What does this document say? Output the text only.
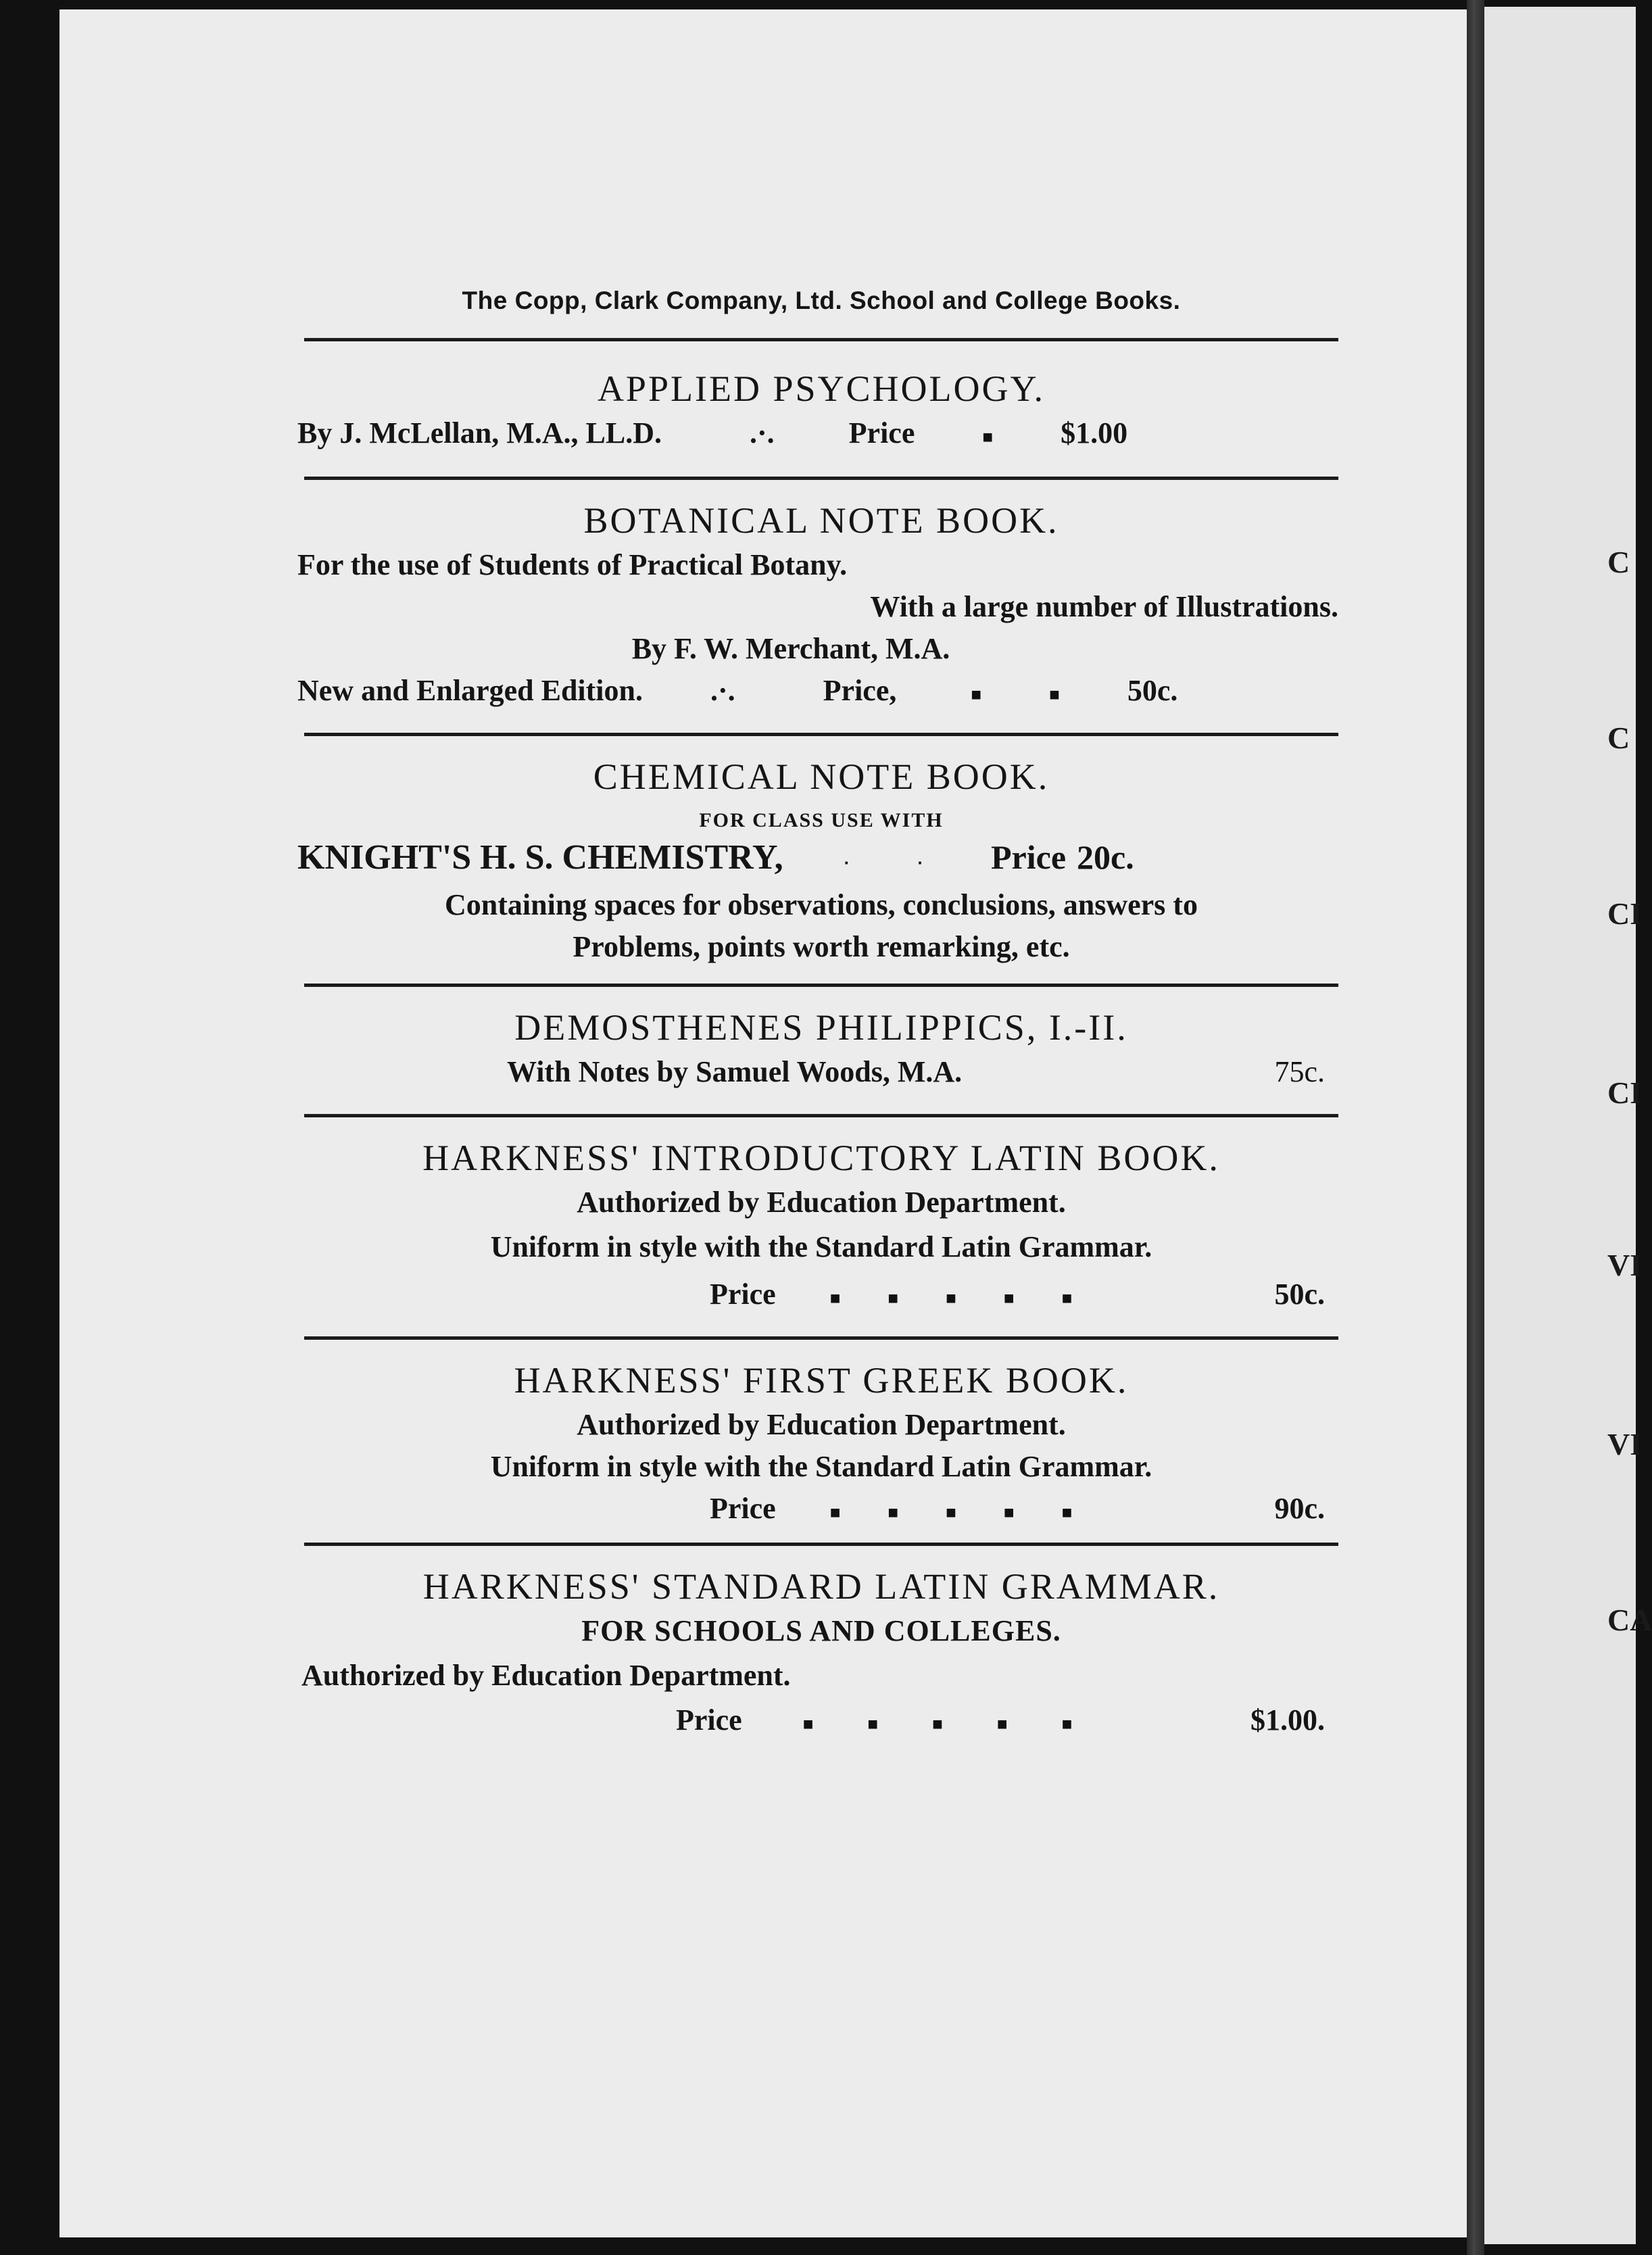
C
C
CI
CI
VI
VI
CA
The Copp, Clark Company, Ltd. School and College Books.
APPLIED PSYCHOLOGY.
By J. McLellan, M.A., LL.D.	.·.	Price	■ $1.00
BOTANICAL NOTE BOOK.
For the use of Students of Practical Botany.
With a large number of Illustrations.
By F. W. Merchant, M.A.
New and Enlarged Edition. .·.	Price,	■	■ 50c.
CHEMICAL NOTE BOOK.
FOR CLASS USE WITH
KNIGHT'S H. S. CHEMISTRY,	·	· Price 20c.
Containing spaces for observations, conclusions, answers to
Problems, points worth remarking, etc.
DEMOSTHENES PHILIPPICS, I.-II.
With Notes by Samuel Woods, M.A.	75c.
HARKNESS' INTRODUCTORY LATIN BOOK.
Authorized by Education Department.
Uniform in style with the Standard Latin Grammar.
Price	■	■	■	■	■	50c.
HARKNESS' FIRST GREEK BOOK.
Authorized by Education Department.
Uniform in style with the Standard Latin Grammar.
Price	■	■	■	■	■	90c.
HARKNESS' STANDARD LATIN GRAMMAR.
FOR SCHOOLS AND COLLEGES.
Authorized by Education Department.
Price	■	■	■	■	■	$1.00.
